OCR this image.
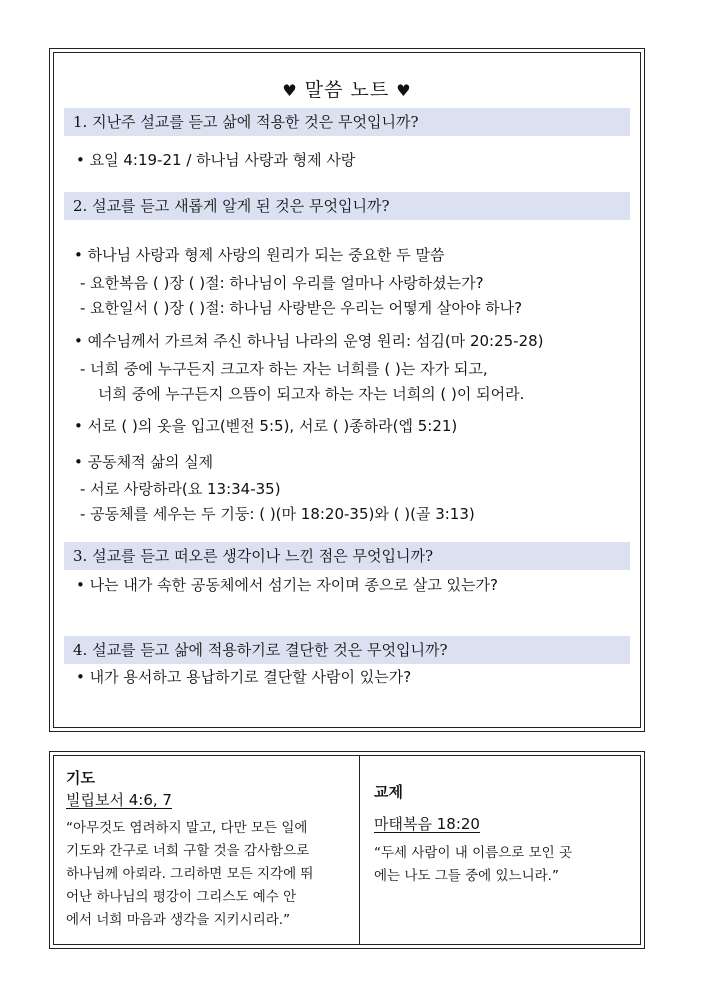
♥ 말씀 노트 ♥
1. 지난주 설교를 듣고 삶에 적용한 것은 무엇입니까?
• 요일 4:19-21 / 하나님 사랑과 형제 사랑
2. 설교를 듣고 새롭게 알게 된 것은 무엇입니까?
• 하나님 사랑과 형제 사랑의 원리가 되는 중요한 두 말씀
- 요한복음 ( )장 ( )절: 하나님이 우리를 얼마나 사랑하셨는가?
- 요한일서 ( )장 ( )절: 하나님 사랑받은 우리는 어떻게 살아야 하나?
• 예수님께서 가르쳐 주신 하나님 나라의 운영 원리: 섬김(마 20:25-28)
- 너희 중에 누구든지 크고자 하는 자는 너희를 ( )는 자가 되고,
너희 중에 누구든지 으뜸이 되고자 하는 자는 너희의 ( )이 되어라.
• 서로 ( )의 옷을 입고(벧전 5:5), 서로 ( )종하라(엡 5:21)
• 공동체적 삶의 실제
- 서로 사랑하라(요 13:34-35)
- 공동체를 세우는 두 기둥: ( )(마 18:20-35)와 ( )(골 3:13)
3. 설교를 듣고 떠오른 생각이나 느낀 점은 무엇입니까?
• 나는 내가 속한 공동체에서 섬기는 자이며 종으로 살고 있는가?
4. 설교를 듣고 삶에 적용하기로 결단한 것은 무엇입니까?
• 내가 용서하고 용납하기로 결단할 사람이 있는가?
기도
빌립보서 4:6, 7
“아무것도 염려하지 말고, 다만 모든 일에
기도와 간구로 너희 구할 것을 감사함으로
하나님께 아뢰라. 그리하면 모든 지각에 뛰
어난 하나님의 평강이 그리스도 예수 안
에서 너희 마음과 생각을 지키시리라.”
교제
마태복음 18:20
“두세 사람이 내 이름으로 모인 곳
에는 나도 그들 중에 있느니라.”
